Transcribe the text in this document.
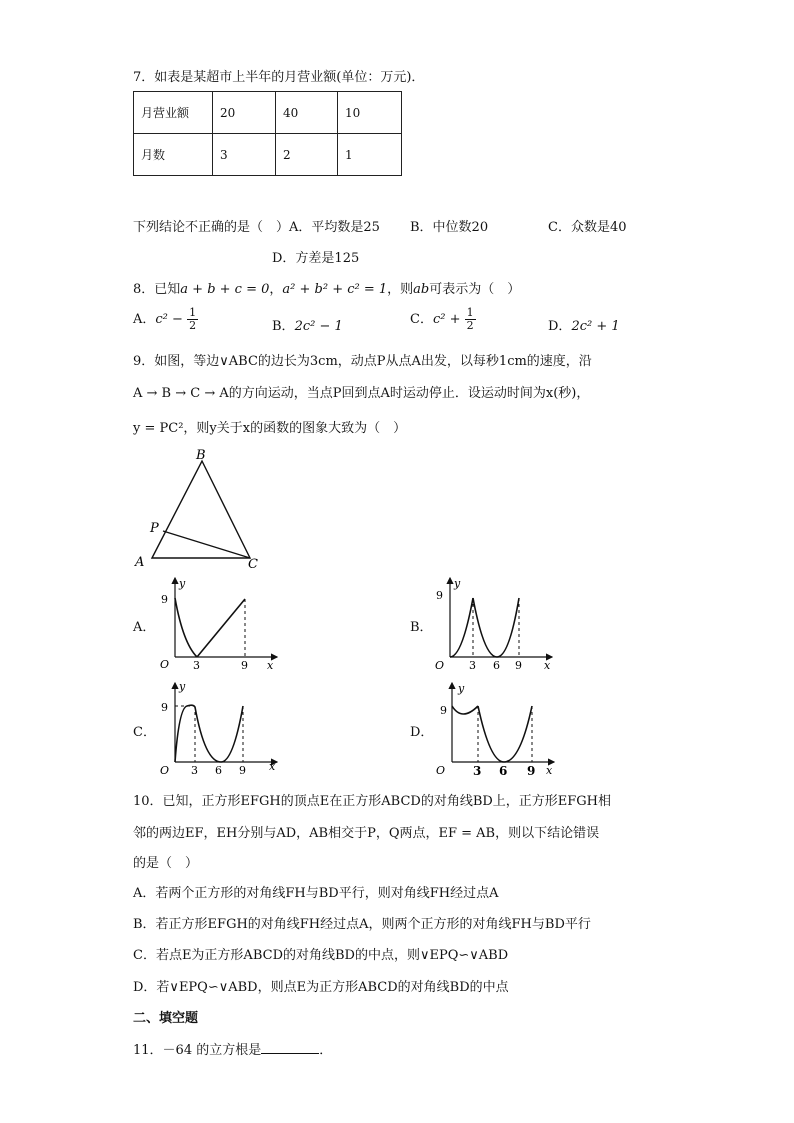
7．如表是某超市上半年的月营业额(单位：万元)．
月营业额	20	40	10
月数	3	2	1
下列结论不正确的是（　）A．平均数是25 B．中位数20	C．众数是40
D．方差是125
8．已知a + b + c = 0，a² + b² + c² = 1，则ab可表示为（　）
A．$c^2 - \frac{1}{2}$	B．2c² − 1	C．$c^2 + \frac{1}{2}$	D．2c² + 1
9．如图，等边∨ABC的边长为3cm，动点P从点A出发，以每秒1cm的速度，沿
A → B → C → A的方向运动，当点P回到点A时运动停止．设运动时间为x(秒)，
y = PC²，则y关于x的函数的图象大致为（　）
B
A	C
P
A．
y
x
O
9
3	9
B．
y
x
O
9
3 6 9
C．
y
x
O
9
3 6 9
D．
y
x
O
9
3 6 9
10．已知，正方形EFGH的顶点E在正方形ABCD的对角线BD上，正方形EFGH相
邻的两边EF，EH分别与AD，AB相交于P，Q两点，EF = AB，则以下结论错误
的是（　）
A．若两个正方形的对角线FH与BD平行，则对角线FH经过点A
B．若正方形EFGH的对角线FH经过点A，则两个正方形的对角线FH与BD平行
C．若点E为正方形ABCD的对角线BD的中点，则∨EPQ∽∨ABD
D．若∨EPQ∽∨ABD，则点E为正方形ABCD的对角线BD的中点
二、填空题
11．－64 的立方根是	．
